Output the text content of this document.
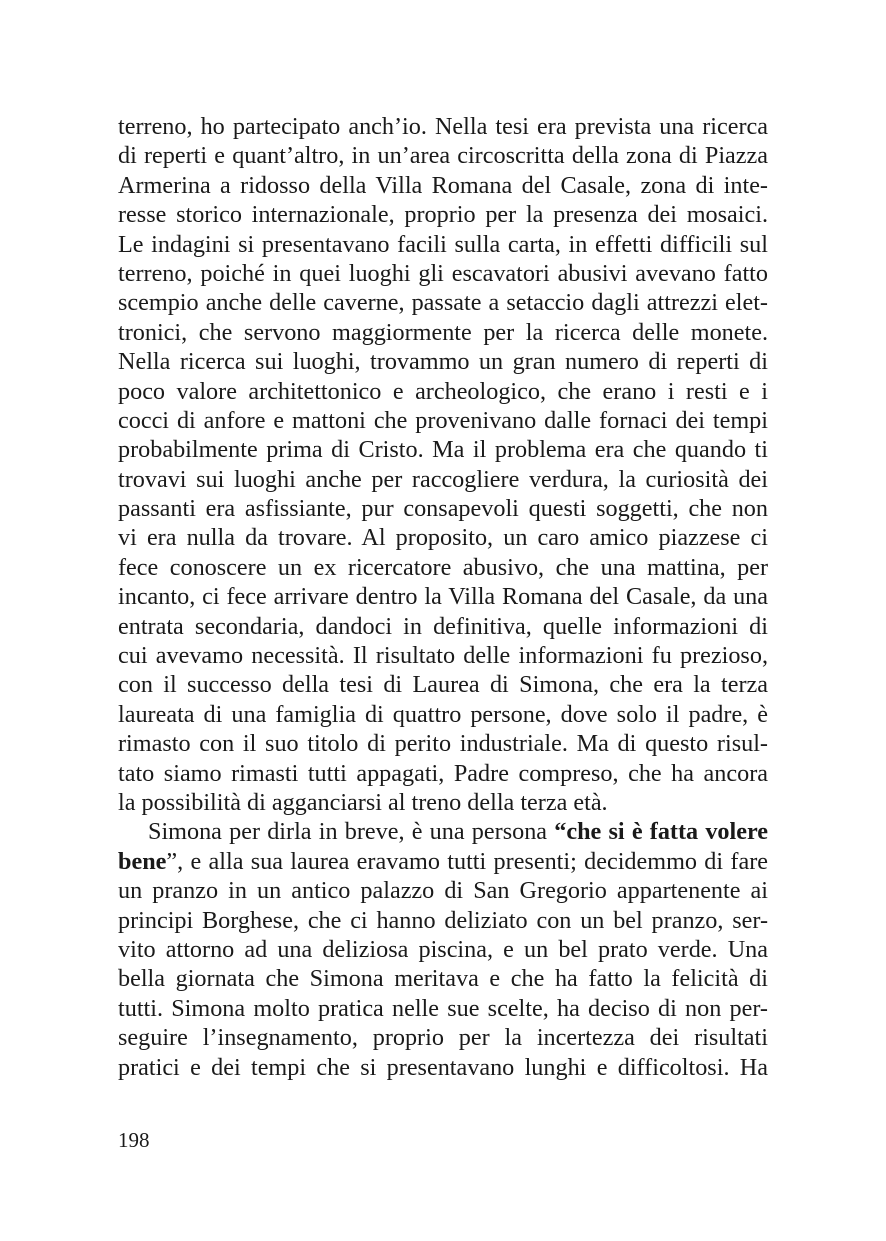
terreno, ho partecipato anch’io. Nella tesi era prevista una ricerca
di reperti e quant’altro, in un’area circoscritta della zona di Piazza
Armerina a ridosso della Villa Romana del Casale, zona di inte-
resse storico internazionale, proprio per la presenza dei mosaici.
Le indagini si presentavano facili sulla carta, in effetti difficili sul
terreno, poiché in quei luoghi gli escavatori abusivi avevano fatto
scempio anche delle caverne, passate a setaccio dagli attrezzi elet-
tronici, che servono maggiormente per la ricerca delle monete.
Nella ricerca sui luoghi, trovammo un gran numero di reperti di
poco valore architettonico e archeologico, che erano i resti e i
cocci di anfore e mattoni che provenivano dalle fornaci dei tempi
probabilmente prima di Cristo. Ma il problema era che quando ti
trovavi sui luoghi anche per raccogliere verdura, la curiosità dei
passanti era asfissiante, pur consapevoli questi soggetti, che non
vi era nulla da trovare. Al proposito, un caro amico piazzese ci
fece conoscere un ex ricercatore abusivo, che una mattina, per
incanto, ci fece arrivare dentro la Villa Romana del Casale, da una
entrata secondaria, dandoci in definitiva, quelle informazioni di
cui avevamo necessità. Il risultato delle informazioni fu prezioso,
con il successo della tesi di Laurea di Simona, che era la terza
laureata di una famiglia di quattro persone, dove solo il padre, è
rimasto con il suo titolo di perito industriale. Ma di questo risul-
tato siamo rimasti tutti appagati, Padre compreso, che ha ancora
la possibilità di agganciarsi al treno della terza età.
Simona per dirla in breve, è una persona “che si è fatta volere
bene”, e alla sua laurea eravamo tutti presenti; decidemmo di fare
un pranzo in un antico palazzo di San Gregorio appartenente ai
principi Borghese, che ci hanno deliziato con un bel pranzo, ser-
vito attorno ad una deliziosa piscina, e un bel prato verde. Una
bella giornata che Simona meritava e che ha fatto la felicità di
tutti. Simona molto pratica nelle sue scelte, ha deciso di non per-
seguire l’insegnamento, proprio per la incertezza dei risultati
pratici e dei tempi che si presentavano lunghi e difficoltosi. Ha
198
